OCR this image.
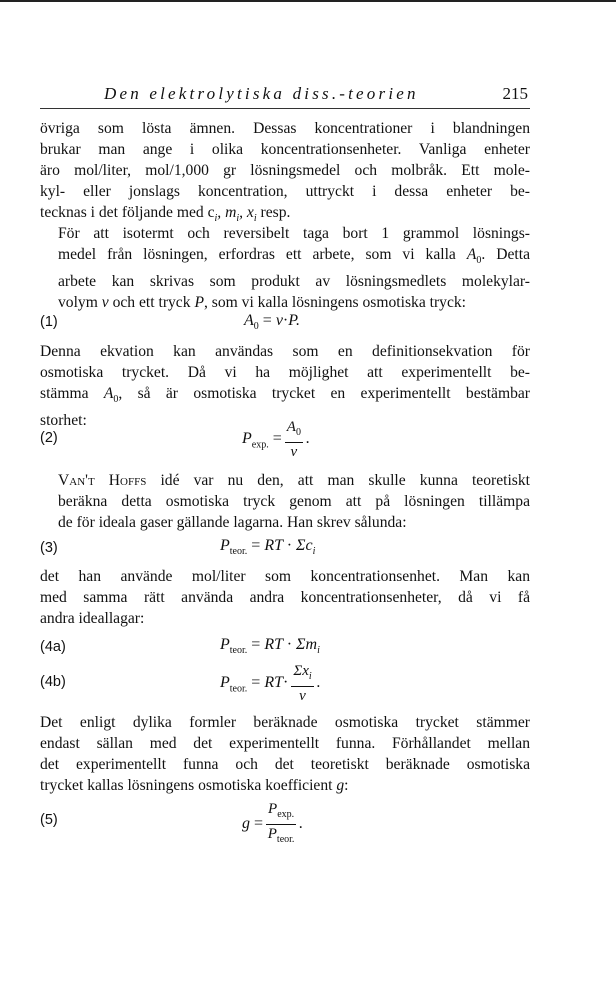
Den elektrolytiska diss.-teorien	215
övriga som lösta ämnen. Dessas koncentrationer i blandningen
brukar man ange i olika koncentrationsenheter. Vanliga enheter
äro mol/liter, mol/1,000 gr lösningsmedel och molbråk. Ett mole-
kyl- eller jonslags koncentration, uttryckt i dessa enheter be-
tecknas i det följande med $c_i$, $m_i$, $x_i$ resp.
För att isotermt och reversibelt taga bort 1 grammol lösnings-
medel från lösningen, erfordras ett arbete, som vi kalla $A_0$. Detta
arbete kan skrivas som produkt av lösningsmedlets molekylar-
volym v och ett tryck P, som vi kalla lösningens osmotiska tryck:
(1)	$A_0 = v\cdot P$.
Denna ekvation kan användas som en definitionsekvation för
osmotiska trycket. Då vi ha möjlighet att experimentellt be-
stämma $A_0$, så är osmotiska trycket en experimentellt bestämbar
storhet:
(2)	$P_{exp.} = \frac{A_0}{v}$ .
Van't Hoffs idé var nu den, att man skulle kunna teoretiskt
beräkna detta osmotiska tryck genom att på lösningen tillämpa
de för ideala gaser gällande lagarna. Han skrev sålunda:
(3)	$P_{teor.}$ = RT · $\Sigma c_i$
det han använde mol/liter som koncentrationsenhet. Man kan
med samma rätt använda andra koncentrationsenheter, då vi få
andra ideallagar:
(4a)	$P_{teor.}$ = RT · $\Sigma m_i$
(4b)	$P_{teor.} = RT\cdot \frac{\Sigma x_i}{v}$ .
Det enligt dylika formler beräknade osmotiska trycket stämmer
endast sällan med det experimentellt funna. Förhållandet mellan
det experimentellt funna och det teoretiskt beräknade osmotiska
trycket kallas lösningens osmotiska koefficient g:
(5)	$g = \frac{P_{exp.}}{P_{teor.}}$ .
